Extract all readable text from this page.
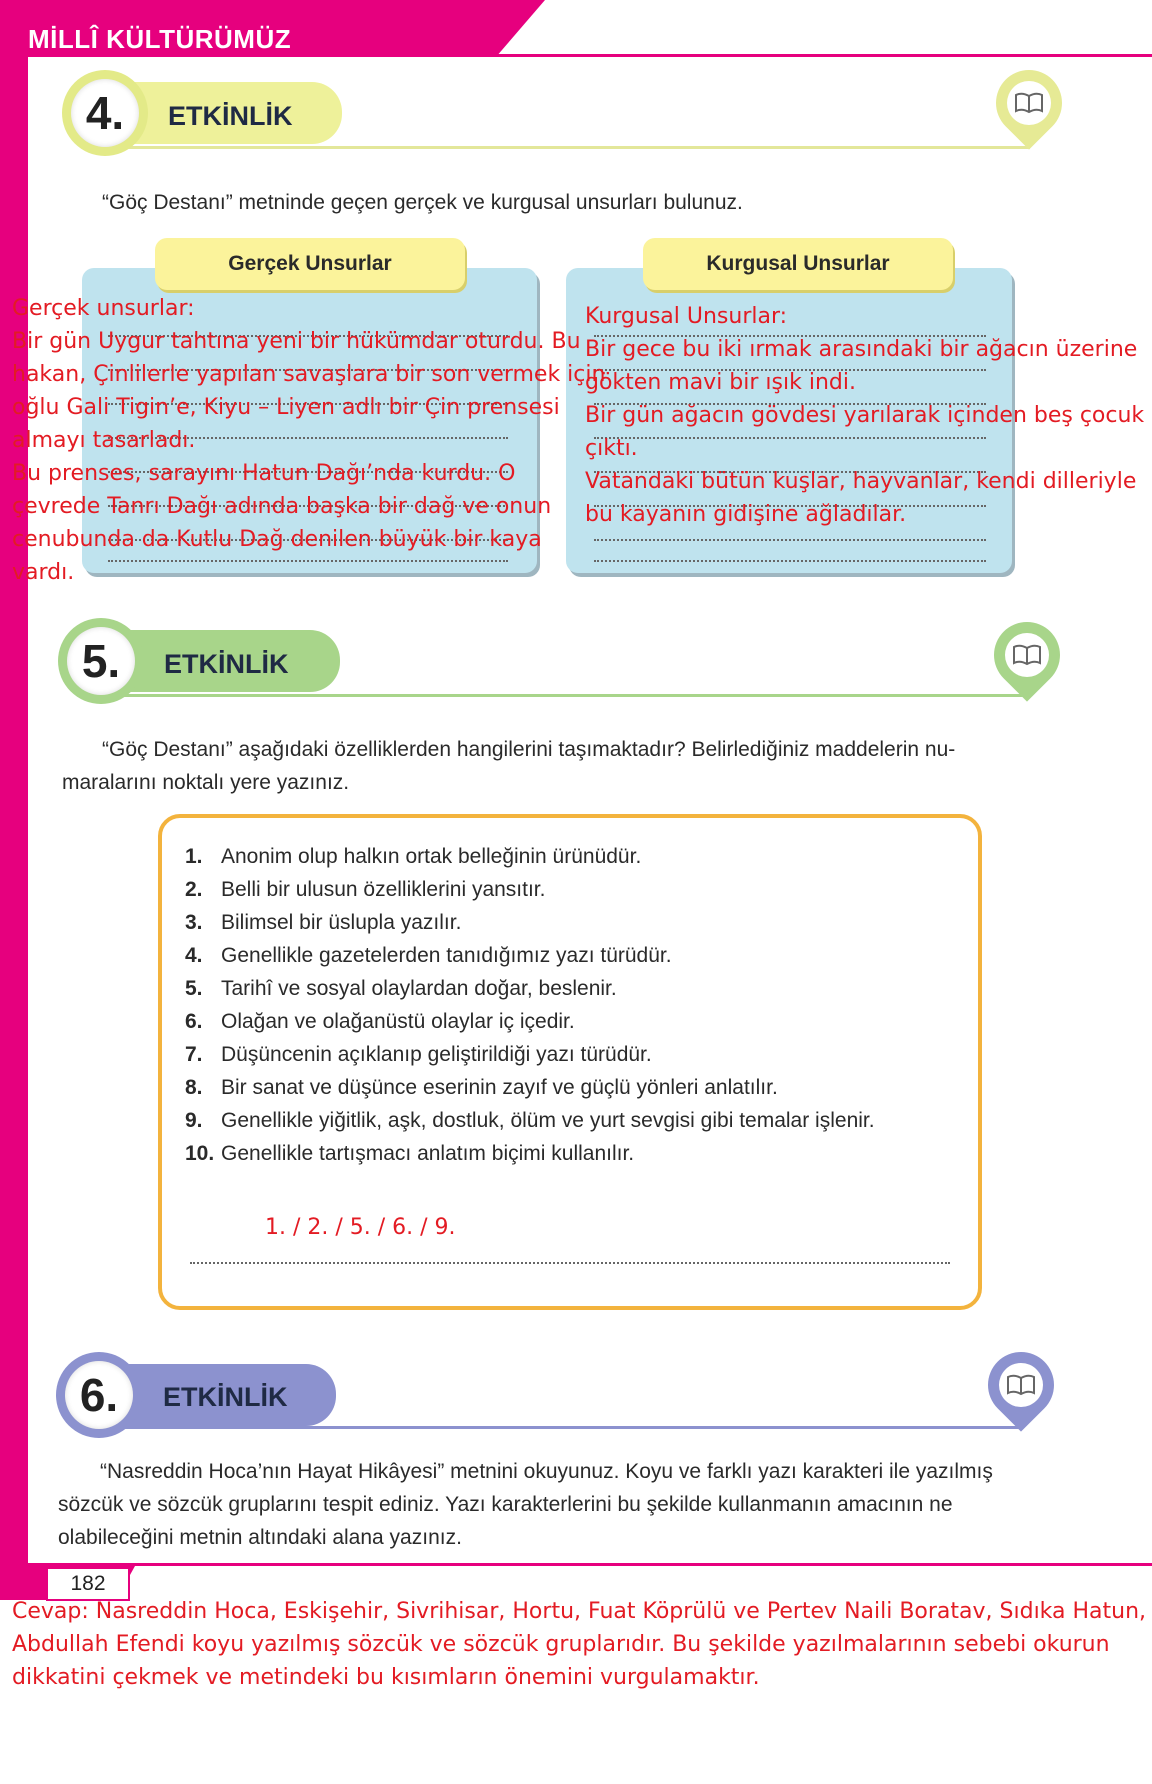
MİLLÎ KÜLTÜRÜMÜZ
4.	ETKİNLİK
“Göç Destanı” metninde geçen gerçek ve kurgusal unsurları bulunuz.
Gerçek Unsurlar	Kurgusal Unsurlar
Gerçek unsurlar:
Bir gün Uygur tahtına yeni bir hükümdar oturdu. Bu
hakan, Çinlilerle yapılan savaşlara bir son vermek için
oğlu Gali Tigin’e, Kiyu – Liyen adlı bir Çin prensesi
almayı tasarladı.
Bu prenses, sarayını Hatun Dağı’nda kurdu. O
çevrede Tanrı Dağı adında başka bir dağ ve onun
cenubunda da Kutlu Dağ denilen büyük bir kaya
vardı.
Kurgusal Unsurlar:
Bir gece bu iki ırmak arasındaki bir ağacın üzerine
gökten mavi bir ışık indi.
Bir gün ağacın gövdesi yarılarak içinden beş çocuk
çıktı.
Vatandaki bütün kuşlar, hayvanlar, kendi dilleriyle
bu kayanın gidişine ağladılar.
5.	ETKİNLİK
“Göç Destanı” aşağıdaki özelliklerden hangilerini taşımaktadır? Belirlediğiniz maddelerin nu-
maralarını noktalı yere yazınız.
1. Anonim olup halkın ortak belleğinin ürünüdür.
2. Belli bir ulusun özelliklerini yansıtır.
3. Bilimsel bir üslupla yazılır.
4. Genellikle gazetelerden tanıdığımız yazı türüdür.
5. Tarihî ve sosyal olaylardan doğar, beslenir.
6. Olağan ve olağanüstü olaylar iç içedir.
7. Düşüncenin açıklanıp geliştirildiği yazı türüdür.
8. Bir sanat ve düşünce eserinin zayıf ve güçlü yönleri anlatılır.
9. Genellikle yiğitlik, aşk, dostluk, ölüm ve yurt sevgisi gibi temalar işlenir.
10. Genellikle tartışmacı anlatım biçimi kullanılır.
1. / 2. / 5. / 6. / 9.
6.	ETKİNLİK
“Nasreddin Hoca’nın Hayat Hikâyesi” metnini okuyunuz. Koyu ve farklı yazı karakteri ile yazılmış
sözcük ve sözcük gruplarını tespit ediniz. Yazı karakterlerini bu şekilde kullanmanın amacının ne
olabileceğini metnin altındaki alana yazınız.
182
Cevap: Nasreddin Hoca, Eskişehir, Sivrihisar, Hortu, Fuat Köprülü ve Pertev Naili Boratav, Sıdıka Hatun,
Abdullah Efendi koyu yazılmış sözcük ve sözcük gruplarıdır. Bu şekilde yazılmalarının sebebi okurun
dikkatini çekmek ve metindeki bu kısımların önemini vurgulamaktır.
